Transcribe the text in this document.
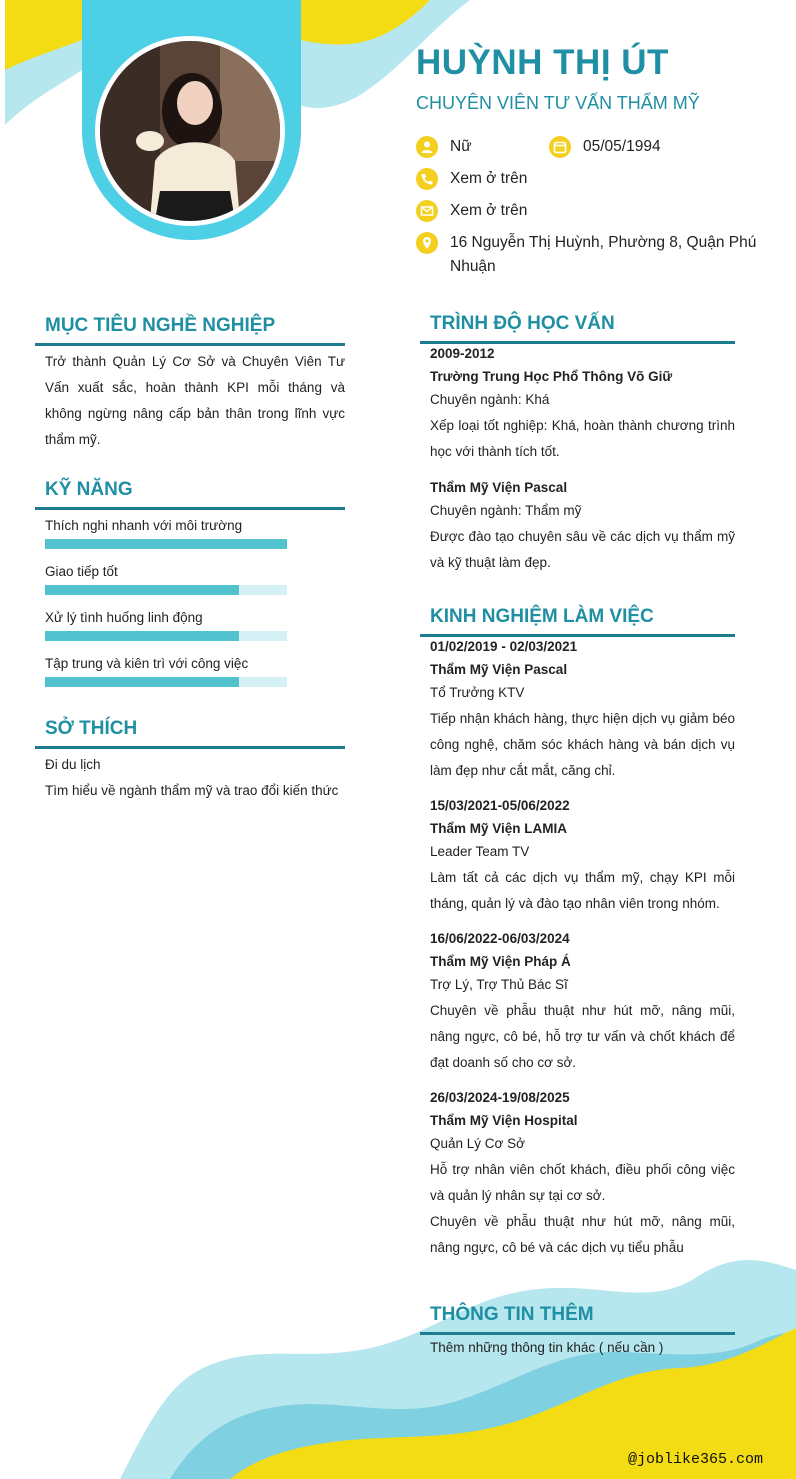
HUỲNH THỊ ÚT
CHUYÊN VIÊN TƯ VẤN THẨM MỸ
Nữ	05/05/1994
Xem ở trên
Xem ở trên
16 Nguyễn Thị Huỳnh, Phường 8, Quận Phú Nhuận
MỤC TIÊU NGHỀ NGHIỆP
Trở thành Quản Lý Cơ Sở và Chuyên Viên Tư Vấn xuất sắc, hoàn thành KPI mỗi tháng và không ngừng nâng cấp bản thân trong lĩnh vực thẩm mỹ.
KỸ NĂNG
Thích nghi nhanh với môi trường
Giao tiếp tốt
Xử lý tình huống linh động
Tập trung và kiên trì với công việc
SỞ THÍCH
Đi du lịch
Tìm hiểu về ngành thẩm mỹ và trao đổi kiến thức
TRÌNH ĐỘ HỌC VẤN
2009-2012
Trường Trung Học Phổ Thông Võ Giữ
Chuyên ngành: Khá
Xếp loại tốt nghiệp: Khá, hoàn thành chương trình học với thành tích tốt.
Thẩm Mỹ Viện Pascal
Chuyên ngành: Thẩm mỹ
Được đào tạo chuyên sâu về các dịch vụ thẩm mỹ và kỹ thuật làm đẹp.
KINH NGHIỆM LÀM VIỆC
01/02/2019 - 02/03/2021
Thẩm Mỹ Viện Pascal
Tổ Trưởng KTV
Tiếp nhận khách hàng, thực hiện dịch vụ giảm béo công nghệ, chăm sóc khách hàng và bán dịch vụ làm đẹp như cắt mắt, căng chỉ.
15/03/2021-05/06/2022
Thẩm Mỹ Viện LAMIA
Leader Team TV
Làm tất cả các dịch vụ thẩm mỹ, chạy KPI mỗi tháng, quản lý và đào tạo nhân viên trong nhóm.
16/06/2022-06/03/2024
Thẩm Mỹ Viện Pháp Á
Trợ Lý, Trợ Thủ Bác Sĩ
Chuyên về phẫu thuật như hút mỡ, nâng mũi, nâng ngực, cô bé, hỗ trợ tư vấn và chốt khách để đạt doanh số cho cơ sở.
26/03/2024-19/08/2025
Thẩm Mỹ Viện Hospital
Quản Lý Cơ Sở
Hỗ trợ nhân viên chốt khách, điều phối công việc và quản lý nhân sự tại cơ sở.
Chuyên về phẫu thuật như hút mỡ, nâng mũi, nâng ngực, cô bé và các dịch vụ tiểu phẫu
THÔNG TIN THÊM
Thêm những thông tin khác ( nếu cần )
@joblike365.com
